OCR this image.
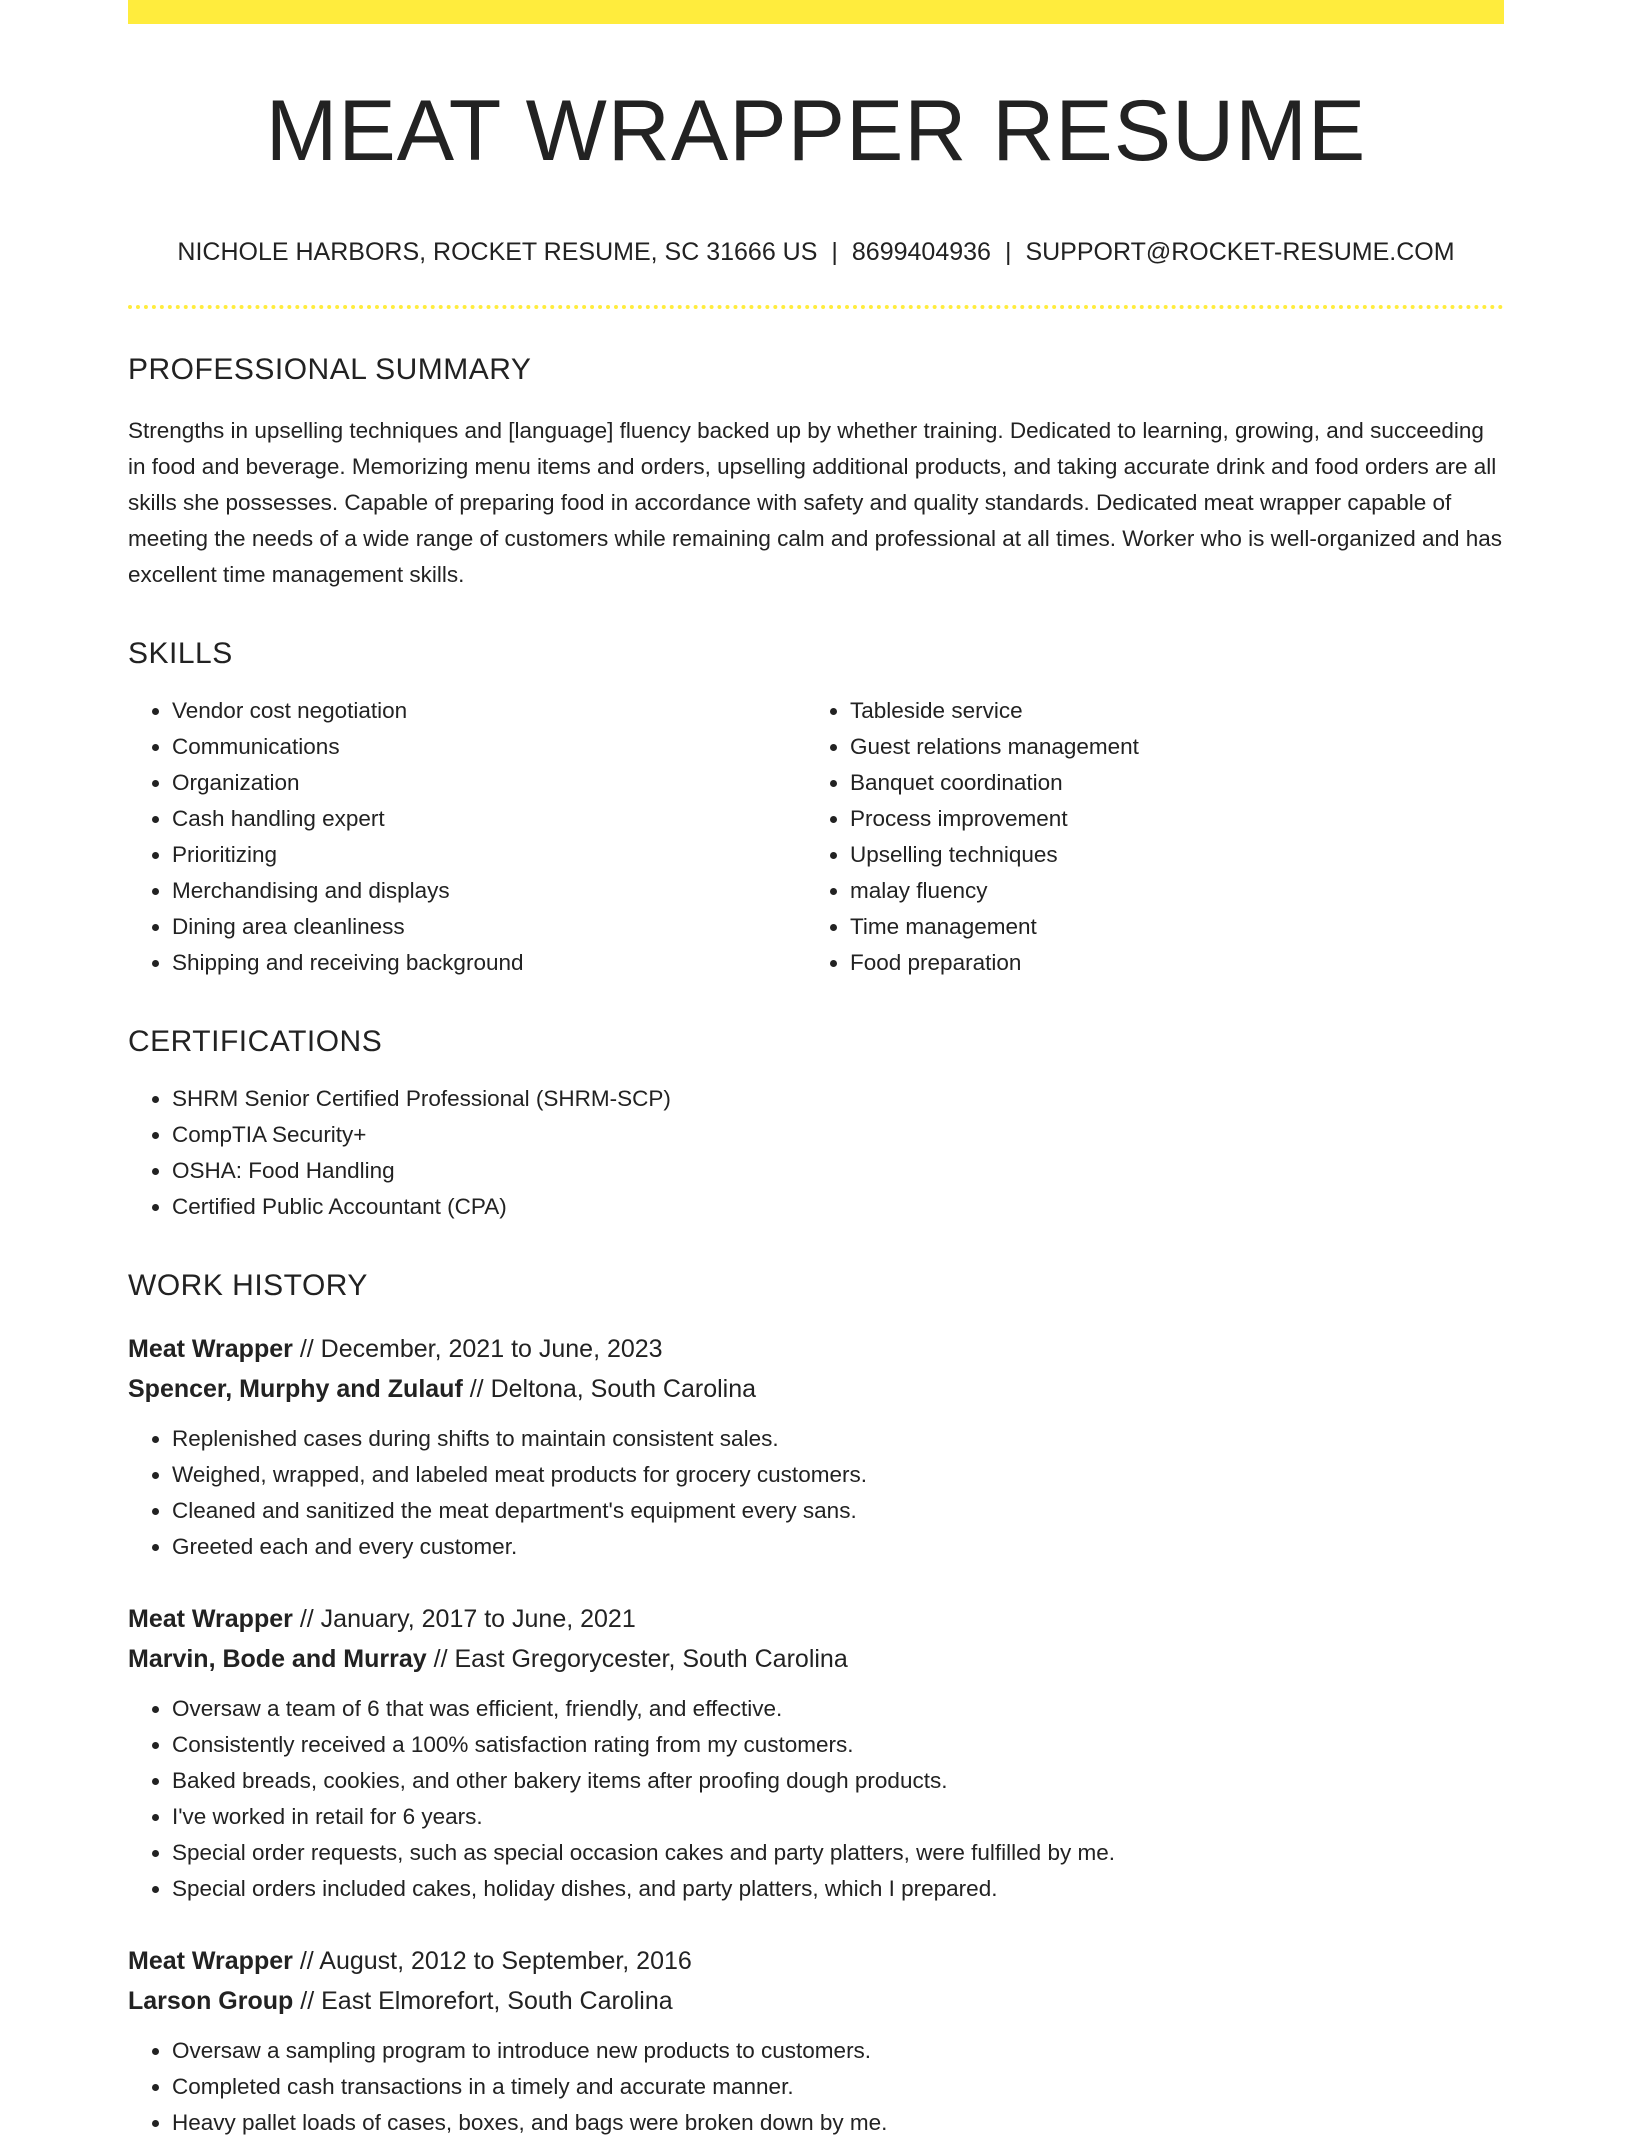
MEAT WRAPPER RESUME
NICHOLE HARBORS, ROCKET RESUME, SC 31666 US | 8699404936 | SUPPORT@ROCKET-RESUME.COM
PROFESSIONAL SUMMARY

Strengths in upselling techniques and [language] fluency backed up by whether training. Dedicated to learning, growing, and succeeding in food and beverage. Memorizing menu items and orders, upselling additional products, and taking accurate drink and food orders are all skills she possesses. Capable of preparing food in accordance with safety and quality standards. Dedicated meat wrapper capable of meeting the needs of a wide range of customers while remaining calm and professional at all times. Worker who is well-organized and has excellent time management skills.

SKILLS
• Vendor cost negotiation
• Communications
• Organization
• Cash handling expert
• Prioritizing
• Merchandising and displays
• Dining area cleanliness
• Shipping and receiving background
• Tableside service
• Guest relations management
• Banquet coordination
• Process improvement
• Upselling techniques
• malay fluency
• Time management
• Food preparation
CERTIFICATIONS
• SHRM Senior Certified Professional (SHRM-SCP)
• CompTIA Security+
• OSHA: Food Handling
• Certified Public Accountant (CPA)
WORK HISTORY
Meat Wrapper // December, 2021 to June, 2023
Spencer, Murphy and Zulauf // Deltona, South Carolina
• Replenished cases during shifts to maintain consistent sales.
• Weighed, wrapped, and labeled meat products for grocery customers.
• Cleaned and sanitized the meat department's equipment every sans.
• Greeted each and every customer.
Meat Wrapper // January, 2017 to June, 2021
Marvin, Bode and Murray // East Gregorycester, South Carolina
• Oversaw a team of 6 that was efficient, friendly, and effective.
• Consistently received a 100% satisfaction rating from my customers.
• Baked breads, cookies, and other bakery items after proofing dough products.
• I've worked in retail for 6 years.
• Special order requests, such as special occasion cakes and party platters, were fulfilled by me.
• Special orders included cakes, holiday dishes, and party platters, which I prepared.
Meat Wrapper // August, 2012 to September, 2016
Larson Group // East Elmorefort, South Carolina
• Oversaw a sampling program to introduce new products to customers.
• Completed cash transactions in a timely and accurate manner.
• Heavy pallet loads of cases, boxes, and bags were broken down by me.
